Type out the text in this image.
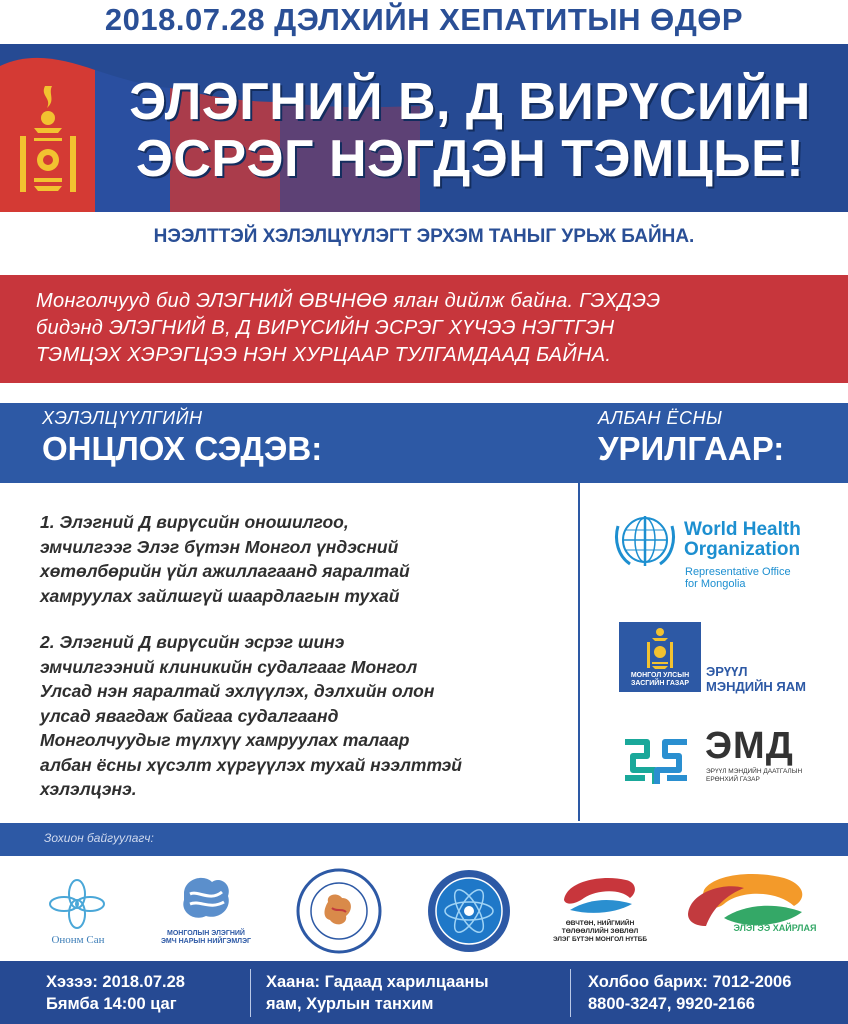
2018.07.28 ДЭЛХИЙН ХЕПАТИТЫН ӨДӨР
ЭЛЭГНИЙ В, Д ВИРҮСИЙН
ЭСРЭГ НЭГДЭН ТЭМЦЬЕ!
НЭЭЛТТЭЙ ХЭЛЭЛЦҮҮЛЭГТ ЭРХЭМ ТАНЫГ УРЬЖ БАЙНА.
Монголчууд бид ЭЛЭГНИЙ ӨВЧНӨӨ ялан дийлж байна. ГЭХДЭЭ
бидэнд ЭЛЭГНИЙ В, Д ВИРҮСИЙН ЭСРЭГ ХҮЧЭЭ НЭГТГЭН
ТЭМЦЭХ ХЭРЭГЦЭЭ НЭН ХУРЦААР ТУЛГАМДААД БАЙНА.
ХЭЛЭЛЦҮҮЛГИЙН
ОНЦЛОХ СЭДЭВ:
АЛБАН ЁСНЫ
УРИЛГААР:
1. Элэгний Д вирүсийн оношилгоо,
эмчилгээг Элэг бүтэн Монгол үндэсний
хөтөлбөрийн үйл ажиллагаанд яаралтай
хамруулах зайлшгүй шаардлагын тухай
2. Элэгний Д вирүсийн эсрэг шинэ
эмчилгээний клиникийн судалгааг Монгол
Улсад нэн яаралтай эхлүүлэх, дэлхийн олон
улсад явагдаж байгаа судалгаанд
Монголчуудыг түлхүү хамруулах талаар
албан ёсны хүсэлт хүргүүлэх тухай нээлттэй
хэлэлцэнэ.
World Health
Organization
Representative Office
for Mongolia
МОНГОЛ УЛСЫН
ЗАСГИЙН ГАЗАР
ЭРҮҮЛ
МЭНДИЙН ЯАМ
ЭМД
ЭРҮҮЛ МЭНДИЙН ДААТГАЛЫН
ЕРӨНХИЙ ГАЗАР
Зохион байгуулагч:
Ононм Сан
МОНГОЛЫН ЭЛЭГНИЙ
ЭМЧ НАРЫН НИЙГЭМЛЭГ
ӨВЧТӨН, НИЙГМИЙН
ТӨЛӨӨЛЛИЙН ЗӨВЛӨЛ
ЭЛЭГ БҮТЭН МОНГОЛ НҮТББ
ЭЛЭГЭЭ ХАЙРЛАЯ
Хэзээ: 2018.07.28
Бямба 14:00 цаг
Хаана: Гадаад харилцааны
яам, Хурлын танхим
Холбоо барих: 7012-2006
8800-3247, 9920-2166
